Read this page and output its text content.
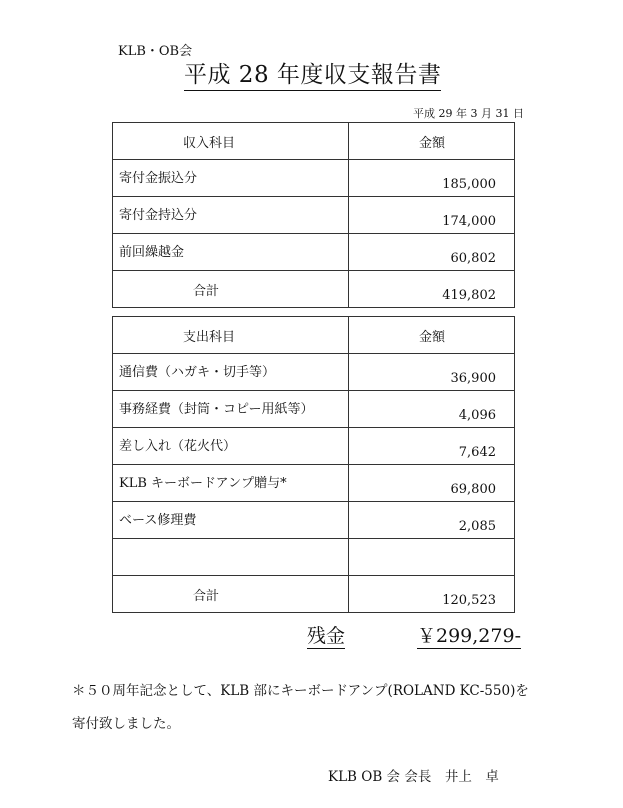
KLB・OB会
平成 28 年度収支報告書
平成 29 年 3 月 31 日
収入科目	金額

寄付金振込分	185,000

寄付金持込分	174,000

前回繰越金	60,802

合計	419,802
支出科目	金額

通信費（ハガキ・切手等）	36,900

事務経費（封筒・コピー用紙等）	4,096

差し入れ（花火代）	7,642

KLB キーボードアンプ贈与*	69,800

ベース修理費	2,085

合計	120,523
残金	￥299,279-
＊５０周年記念として、KLB 部にキーボードアンプ(ROLAND KC-550)を
寄付致しました。
KLB OB 会 会長　井上　卓
